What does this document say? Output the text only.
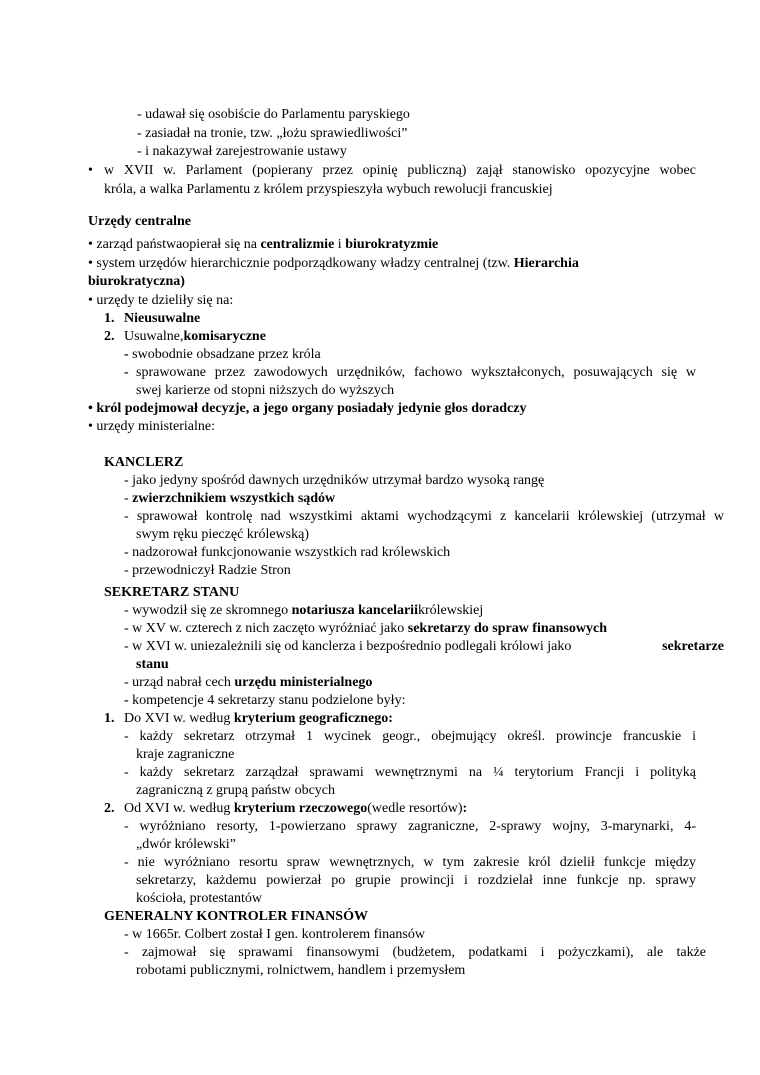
- udawał się osobiście do Parlamentu paryskiego
- zasiadał na tronie, tzw. „łożu sprawiedliwości”
- i nakazywał zarejestrowanie ustawy
• w XVII w. Parlament (popierany przez opinię publiczną) zajął stanowisko opozycyjne wobec
króla, a walka Parlamentu z królem przyspieszyła wybuch rewolucji francuskiej
Urzędy centralne
• zarząd państwaopierał się na centralizmie i biurokratyzmie
• system urzędów hierarchicznie podporządkowany władzy centralnej (tzw. Hierarchia
biurokratyczna)
• urzędy te dzieliły się na:
1. Nieusuwalne
2. Usuwalne,komisaryczne
- swobodnie obsadzane przez króla
- sprawowane przez zawodowych urzędników, fachowo wykształconych, posuwających się w
swej karierze od stopni niższych do wyższych
• król podejmował decyzje, a jego organy posiadały jedynie głos doradczy
• urzędy ministerialne:
KANCLERZ
- jako jedyny spośród dawnych urzędników utrzymał bardzo wysoką rangę
- zwierzchnikiem wszystkich sądów
- sprawował kontrolę nad wszystkimi aktami wychodzącymi z kancelarii królewskiej (utrzymał w
swym ręku pieczęć królewską)
- nadzorował funkcjonowanie wszystkich rad królewskich
- przewodniczył Radzie Stron
SEKRETARZ STANU
- wywodził się ze skromnego notariusza kancelariikrólewskiej
- w XV w. czterech z nich zaczęto wyróżniać jako sekretarzy do spraw finansowych
- w XVI w. uniezależnili się od kanclerza i bezpośrednio podlegali królowi jako	sekretarze
stanu
- urząd nabrał cech urzędu ministerialnego
- kompetencje 4 sekretarzy stanu podzielone były:
1. Do XVI w. według kryterium geograficznego:
- każdy sekretarz otrzymał 1 wycinek geogr., obejmujący określ. prowincje francuskie i
kraje zagraniczne
- każdy sekretarz zarządzał sprawami wewnętrznymi na ¼ terytorium Francji i polityką
zagraniczną z grupą państw obcych
2. Od XVI w. według kryterium rzeczowego(wedle resortów):
- wyróżniano resorty, 1-powierzano sprawy zagraniczne, 2-sprawy wojny, 3-marynarki, 4-
„dwór królewski”
- nie wyróżniano resortu spraw wewnętrznych, w tym zakresie król dzielił funkcje między
sekretarzy, każdemu powierzał po grupie prowincji i rozdzielał inne funkcje np. sprawy
kościoła, protestantów
GENERALNY KONTROLER FINANSÓW
- w 1665r. Colbert został I gen. kontrolerem finansów
- zajmował się sprawami finansowymi (budżetem, podatkami i pożyczkami), ale także
robotami publicznymi, rolnictwem, handlem i przemysłem
